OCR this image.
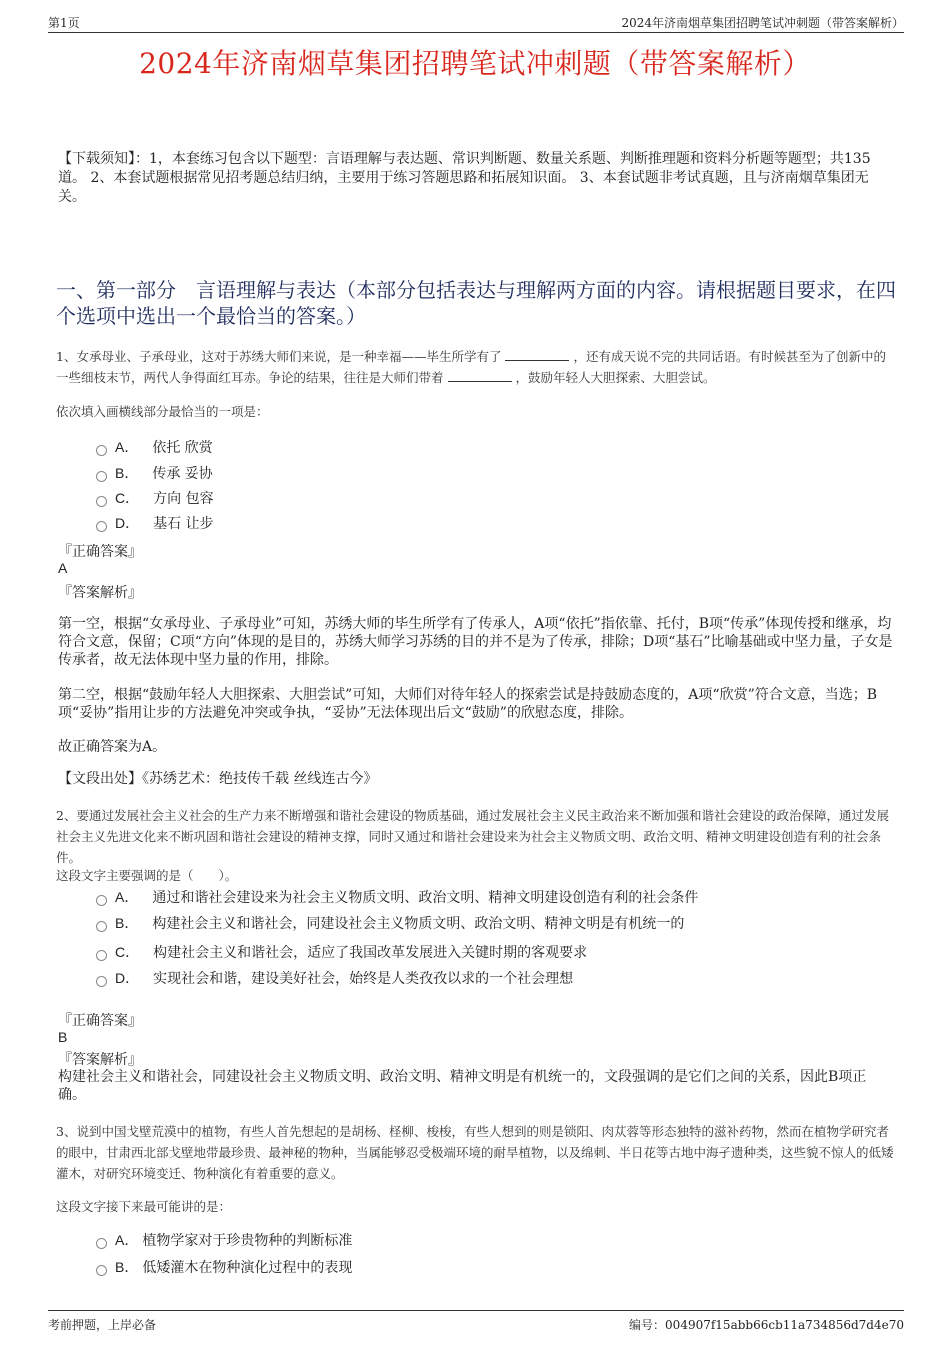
第1页	2024年济南烟草集团招聘笔试冲刺题（带答案解析）
2024年济南烟草集团招聘笔试冲刺题（带答案解析）
【下载须知】：1，本套练习包含以下题型：言语理解与表达题、常识判断题、数量关系题、判断推理题和资料分析题等题型；共135道。 2、本套试题根据常见招考题总结归纳，主要用于练习答题思路和拓展知识面。 3、本套试题非考试真题，且与济南烟草集团无关。
一、第一部分　言语理解与表达（本部分包括表达与理解两方面的内容。请根据题目要求，在四个选项中选出一个最恰当的答案。）
1、女承母业、子承母业，这对于苏绣大师们来说，是一种幸福——毕生所学有了	，还有成天说不完的共同话语。有时候甚至为了创新中的一些细枝末节，两代人争得面红耳赤。争论的结果，往往是大师们带着	，鼓励年轻人大胆探索、大胆尝试。
依次填入画横线部分最恰当的一项是：
A． 依托 欣赏
B． 传承 妥协
C． 方向 包容
D． 基石 让步
『正确答案』
A
『答案解析』
第一空，根据“女承母业、子承母业”可知，苏绣大师的毕生所学有了传承人，A项“依托”指依靠、托付，B项“传承”体现传授和继承，均符合文意，保留；C项“方向”体现的是目的，苏绣大师学习苏绣的目的并不是为了传承，排除；D项“基石”比喻基础或中坚力量，子女是传承者，故无法体现中坚力量的作用，排除。
第二空，根据“鼓励年轻人大胆探索、大胆尝试”可知，大师们对待年轻人的探索尝试是持鼓励态度的，A项“欣赏”符合文意，当选；B项“妥协”指用让步的方法避免冲突或争执，“妥协”无法体现出后文“鼓励”的欣慰态度，排除。
故正确答案为A。
【文段出处】《苏绣艺术：绝技传千载 丝线连古今》
2、要通过发展社会主义社会的生产力来不断增强和谐社会建设的物质基础，通过发展社会主义民主政治来不断加强和谐社会建设的政治保障，通过发展社会主义先进文化来不断巩固和谐社会建设的精神支撑，同时又通过和谐社会建设来为社会主义物质文明、政治文明、精神文明建设创造有利的社会条件。
这段文字主要强调的是（　　）。
A． 通过和谐社会建设来为社会主义物质文明、政治文明、精神文明建设创造有利的社会条件
B． 构建社会主义和谐社会，同建设社会主义物质文明、政治文明、精神文明是有机统一的
C． 构建社会主义和谐社会，适应了我国改革发展进入关键时期的客观要求
D． 实现社会和谐，建设美好社会，始终是人类孜孜以求的一个社会理想
『正确答案』
B
『答案解析』
构建社会主义和谐社会，同建设社会主义物质文明、政治文明、精神文明是有机统一的，文段强调的是它们之间的关系，因此B项正确。
3、说到中国戈壁荒漠中的植物，有些人首先想起的是胡杨、柽柳、梭梭，有些人想到的则是锁阳、肉苁蓉等形态独特的滋补药物，然而在植物学研究者的眼中，甘肃西北部戈壁地带最珍贵、最神秘的物种，当属能够忍受极端环境的耐旱植物，以及绵刺、半日花等古地中海孑遗种类，这些貌不惊人的低矮灌木，对研究环境变迁、物种演化有着重要的意义。
这段文字接下来最可能讲的是：
A． 植物学家对于珍贵物种的判断标准
B． 低矮灌木在物种演化过程中的表现
考前押题，上岸必备	编号：004907f15abb66cb11a734856d7d4e70
